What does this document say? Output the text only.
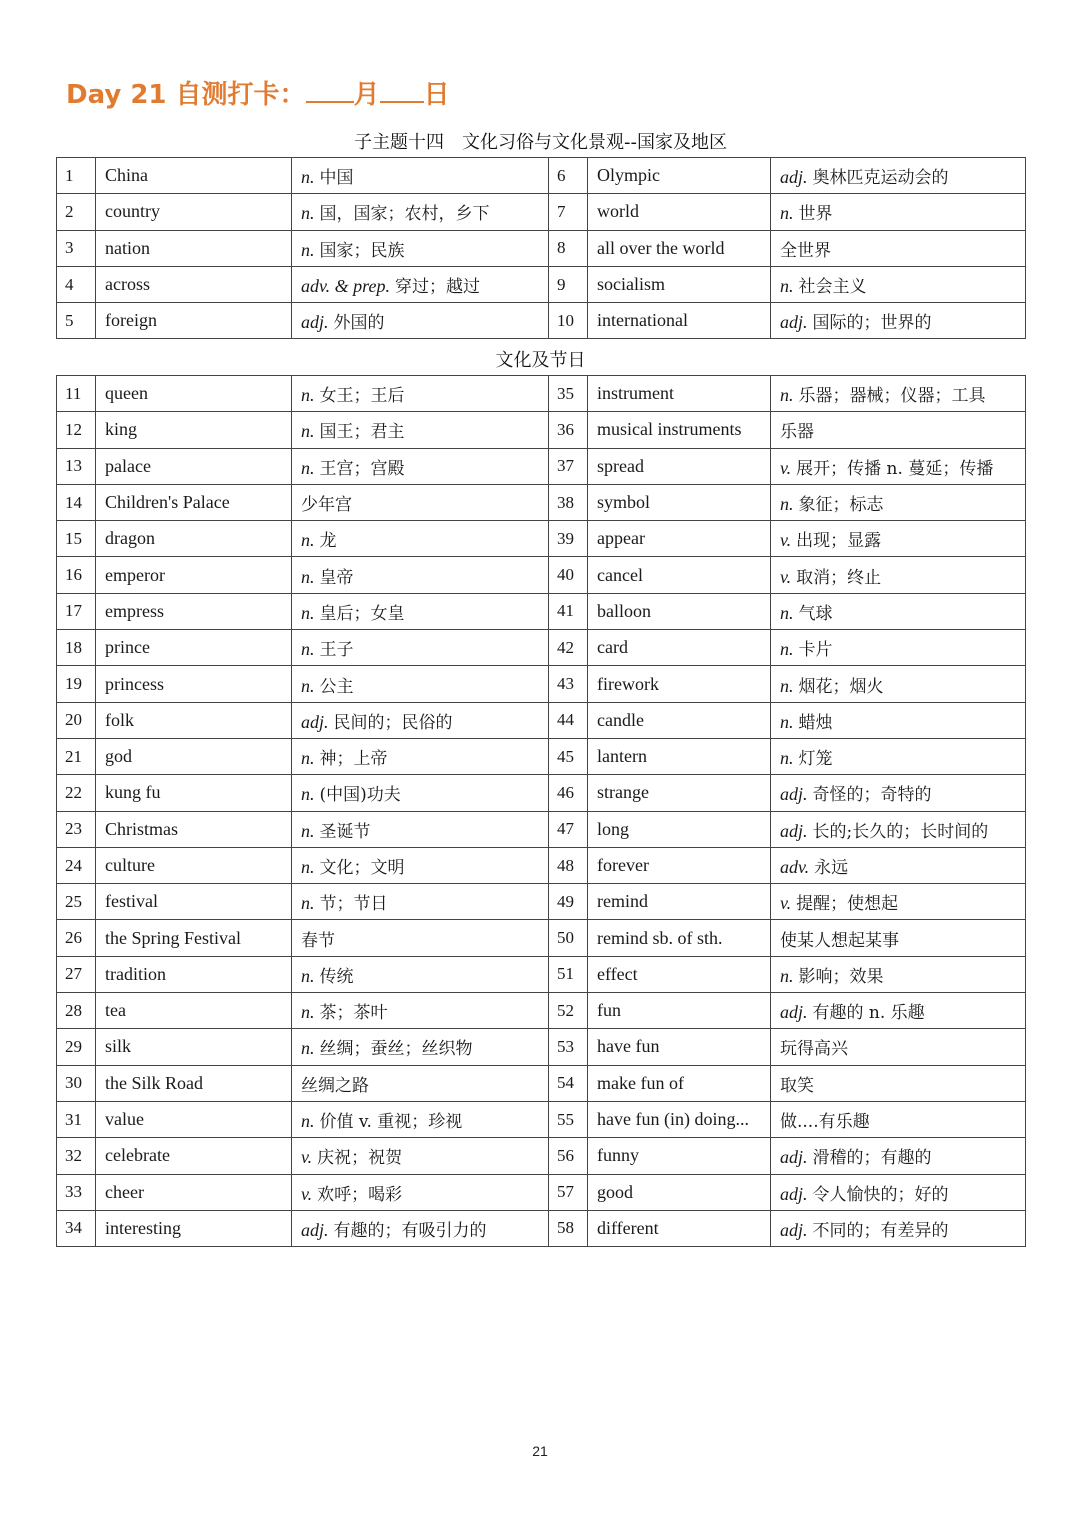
Day 21 自测打卡： 月 日
子主题十四　文化习俗与文化景观--国家及地区
1	China	n. 中国	6	Olympic	adj. 奥林匹克运动会的
2	country	n. 国，国家；农村，乡下	7	world	n. 世界
3	nation	n. 国家；民族	8	all over the world	全世界
4	across	adv. & prep. 穿过；越过	9	socialism	n. 社会主义
5	foreign	adj. 外国的	10	international	adj. 国际的；世界的
文化及节日
11	queen	n. 女王；王后	35	instrument	n. 乐器；器械；仪器；工具
12	king	n. 国王；君主	36	musical instruments	乐器
13	palace	n. 王宫；宫殿	37	spread	v. 展开；传播 n. 蔓延；传播
14	Children's Palace	少年宫	38	symbol	n. 象征；标志
15	dragon	n. 龙	39	appear	v. 出现；显露
16	emperor	n. 皇帝	40	cancel	v. 取消；终止
17	empress	n. 皇后；女皇	41	balloon	n. 气球
18	prince	n. 王子	42	card	n. 卡片
19	princess	n. 公主	43	firework	n. 烟花；烟火
20	folk	adj. 民间的；民俗的	44	candle	n. 蜡烛
21	god	n. 神；上帝	45	lantern	n. 灯笼
22	kung fu	n. (中国)功夫	46	strange	adj. 奇怪的；奇特的
23	Christmas	n. 圣诞节	47	long	adj. 长的;长久的；长时间的
24	culture	n. 文化；文明	48	forever	adv. 永远
25	festival	n. 节；节日	49	remind	v. 提醒；使想起
26	the Spring Festival	春节	50	remind sb. of sth.	使某人想起某事
27	tradition	n. 传统	51	effect	n. 影响；效果
28	tea	n. 茶；茶叶	52	fun	adj. 有趣的 n. 乐趣
29	silk	n. 丝绸；蚕丝；丝织物	53	have fun	玩得高兴
30	the Silk Road	丝绸之路	54	make fun of	取笑
31	value	n. 价值 v. 重视；珍视	55	have fun (in) doing...	做....有乐趣
32	celebrate	v. 庆祝；祝贺	56	funny	adj. 滑稽的；有趣的
33	cheer	v. 欢呼；喝彩	57	good	adj. 令人愉快的；好的
34	interesting	adj. 有趣的；有吸引力的	58	different	adj. 不同的；有差异的
21
